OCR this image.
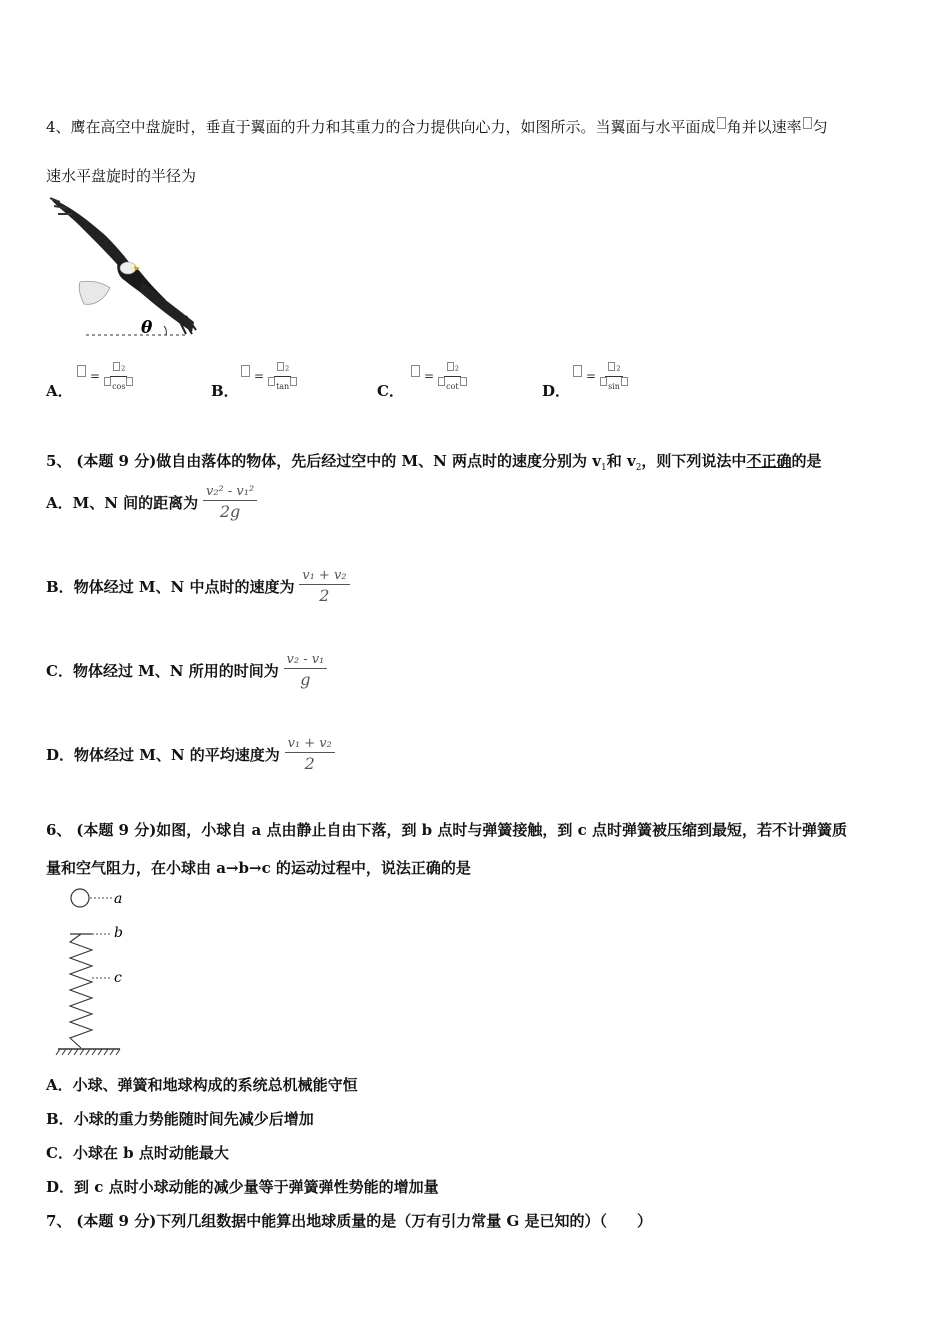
4、鹰在高空中盘旋时，垂直于翼面的升力和其重力的合力提供向心力，如图所示。当翼面与水平面成 角并以速率 匀
速水平盘旋时的半径为
θ
A．
= $\frac{^2}{\cos}$	B．
= $\frac{^2}{\tan}$	C．
= $\frac{^2}{\cot}$	D．
= $\frac{^2}{\sin}$
5、 (本题 9 分)做自由落体的物体，先后经过空中的 M、N 两点时的速度分别为 $v_1$和 $v_2$，则下列说法中不正确的是
A．M、N 间的距离为 $\frac{\text{v₂² - v₁²}}{2g}$
B．物体经过 M、N 中点时的速度为 $\frac{\text{v₁ + v₂}}{2}$
C．物体经过 M、N 所用的时间为 $\frac{\text{v₂ - v₁}}{g}$
D．物体经过 M、N 的平均速度为 $\frac{\text{v₁ + v₂}}{2}$
6、 (本题 9 分)如图，小球自 a 点由静止自由下落，到 b 点时与弹簧接触，到 c 点时弹簧被压缩到最短，若不计弹簧质
量和空气阻力，在小球由 a→b→c 的运动过程中，说法正确的是
a
b
c
A．小球、弹簧和地球构成的系统总机械能守恒
B．小球的重力势能随时间先减少后增加
C．小球在 b 点时动能最大
D．到 c 点时小球动能的减少量等于弹簧弹性势能的增加量
7、 (本题 9 分)下列几组数据中能算出地球质量的是（万有引力常量 G 是已知的）（　　）
